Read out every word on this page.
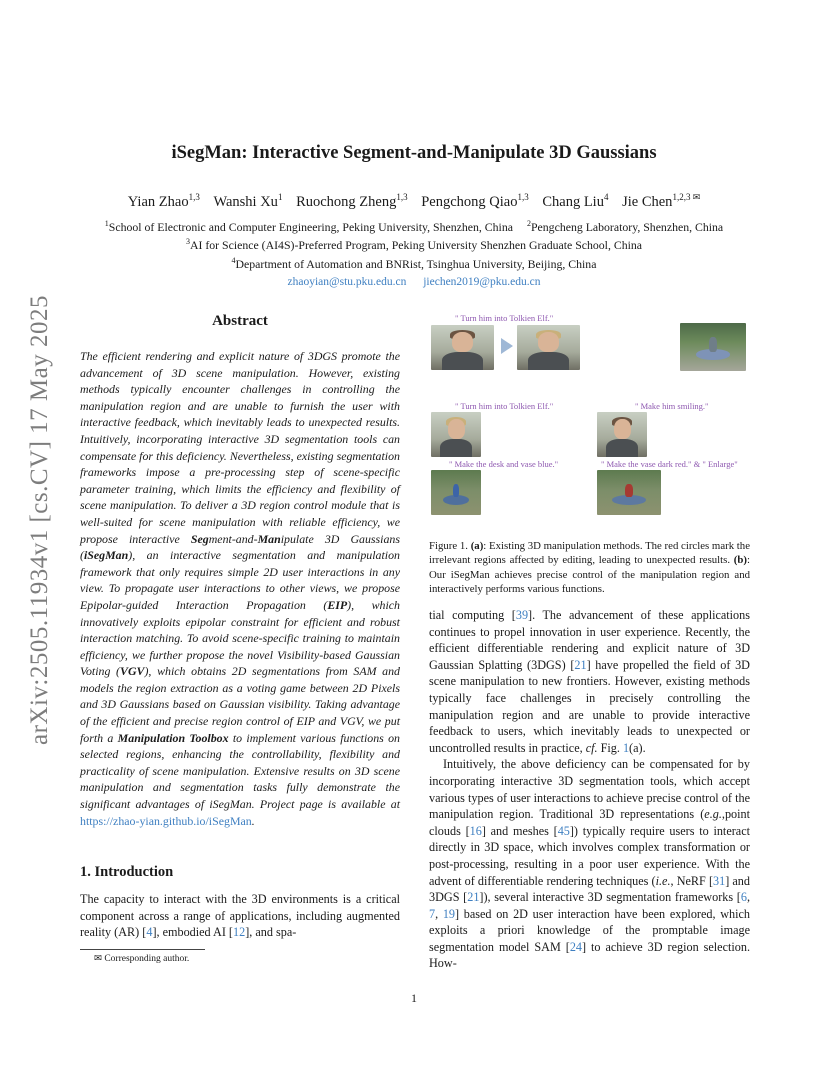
arXiv:2505.11934v1 [cs.CV] 17 May 2025
iSegMan: Interactive Segment-and-Manipulate 3D Gaussians
Yian Zhao$^{1,3}$ Wanshi Xu$^1$ Ruochong Zheng$^{1,3}$ Pengchong Qiao$^{1,3}$ Chang Liu$^4$ Jie Chen$^{1,2,3 ✉}$
$^1$School of Electronic and Computer Engineering, Peking University, Shenzhen, China $^2$Pengcheng Laboratory, Shenzhen, China
$^3$AI for Science (AI4S)-Preferred Program, Peking University Shenzhen Graduate School, China
$^4$Department of Automation and BNRist, Tsinghua University, Beijing, China
zhaoyian@stu.pku.edu.cn jiechen2019@pku.edu.cn
Abstract
The efficient rendering and explicit nature of 3DGS promote the advancement of 3D scene manipulation. However, existing methods typically encounter challenges in controlling the manipulation region and are unable to furnish the user with interactive feedback, which inevitably leads to unexpected results. Intuitively, incorporating interactive 3D segmentation tools can compensate for this deficiency. Nevertheless, existing segmentation frameworks impose a pre-processing step of scene-specific parameter training, which limits the efficiency and flexibility of scene manipulation. To deliver a 3D region control module that is well-suited for scene manipulation with reliable efficiency, we propose interactive Segment-and-Manipulate 3D Gaussians (iSegMan), an interactive segmentation and manipulation framework that only requires simple 2D user interactions in any view. To propagate user interactions to other views, we propose Epipolar-guided Interaction Propagation (EIP), which innovatively exploits epipolar constraint for efficient and robust interaction matching. To avoid scene-specific training to maintain efficiency, we further propose the novel Visibility-based Gaussian Voting (VGV), which obtains 2D segmentations from SAM and models the region extraction as a voting game between 2D Pixels and 3D Gaussians based on Gaussian visibility. Taking advantage of the efficient and precise region control of EIP and VGV, we put forth a Manipulation Toolbox to implement various functions on selected regions, enhancing the controllability, flexibility and practicality of scene manipulation. Extensive results on 3D scene manipulation and segmentation tasks fully demonstrate the significant advantages of iSegMan. Project page is available at https://zhao-yian.github.io/iSegMan.
1. Introduction
The capacity to interact with the 3D environments is a critical component across a range of applications, including augmented reality (AR) [4], embodied AI [12], and spa-
✉ Corresponding author.
" Turn him into Tolkien Elf."
" Turn him into Tolkien Elf."	" Make him smiling."
" Make the desk and vase blue."	" Make the vase dark red." & " Enlarge"
Figure 1. (a): Existing 3D manipulation methods. The red circles mark the irrelevant regions affected by editing, leading to unexpected results. (b): Our iSegMan achieves precise control of the manipulation region and interactively performs various functions.

tial computing [39]. The advancement of these applications continues to propel innovation in user experience. Recently, the efficient differentiable rendering and explicit nature of 3D Gaussian Splatting (3DGS) [21] have propelled the field of 3D scene manipulation to new frontiers. However, existing methods typically face challenges in precisely controlling the manipulation region and are unable to provide interactive feedback to users, which inevitably leads to unexpected or uncontrolled results in practice, cf. Fig. 1(a).

Intuitively, the above deficiency can be compensated for by incorporating interactive 3D segmentation tools, which accept various types of user interactions to achieve precise control of the manipulation region. Traditional 3D representations (e.g.,point clouds [16] and meshes [45]) typically require users to interact directly in 3D space, which involves complex transformation or post-processing, resulting in a poor user experience. With the advent of differentiable rendering techniques (i.e., NeRF [31] and 3DGS [21]), several interactive 3D segmentation frameworks [6, 7, 19] based on 2D user interaction have been explored, which exploits a priori knowledge of the promptable image segmentation model SAM [24] to achieve 3D region selection. How-

1
